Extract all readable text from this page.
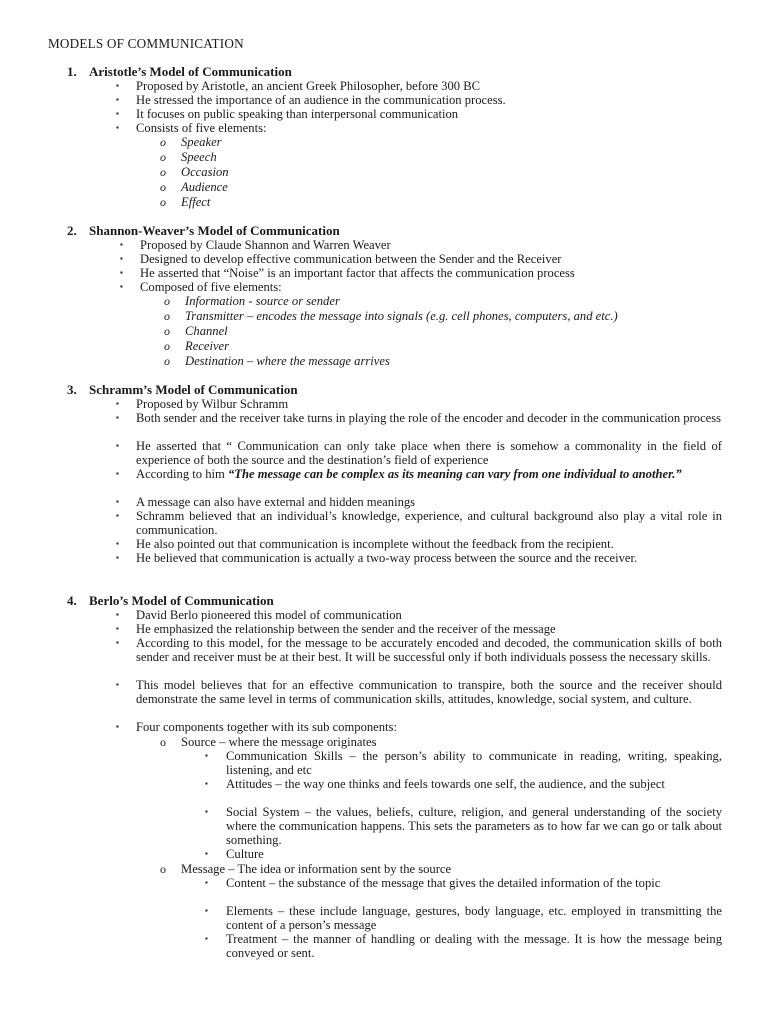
MODELS OF COMMUNICATION
1. Aristotle’s Model of Communication
▪ Proposed by Aristotle, an ancient Greek Philosopher, before 300 BC
▪ He stressed the importance of an audience in the communication process.
▪ It focuses on public speaking than interpersonal communication
▪ Consists of five elements:
o Speaker
o Speech
o Occasion
o Audience
o Effect
2. Shannon-Weaver’s Model of Communication
▪ Proposed by Claude Shannon and Warren Weaver
▪ Designed to develop effective communication between the Sender and the Receiver
▪ He asserted that “Noise” is an important factor that affects the communication process
▪ Composed of five elements:
o Information - source or sender
o Transmitter – encodes the message into signals (e.g. cell phones, computers, and etc.)
o Channel
o Receiver
o Destination – where the message arrives
3. Schramm’s Model of Communication
▪ Proposed by Wilbur Schramm
▪ Both sender and the receiver take turns in playing the role of the encoder and decoder in the communication process
▪ He asserted that “ Communication can only take place when there is somehow a commonality in the field of experience of both the source and the destination’s field of experience
▪ According to him “The message can be complex as its meaning can vary from one individual to another.”
▪ A message can also have external and hidden meanings
▪ Schramm believed that an individual’s knowledge, experience, and cultural background also play a vital role in communication.
▪ He also pointed out that communication is incomplete without the feedback from the recipient.
▪ He believed that communication is actually a two-way process between the source and the receiver.
4. Berlo’s Model of Communication
▪ David Berlo pioneered this model of communication
▪ He emphasized the relationship between the sender and the receiver of the message
▪ According to this model, for the message to be accurately encoded and decoded, the communication skills of both sender and receiver must be at their best. It will be successful only if both individuals possess the necessary skills.
▪ This model believes that for an effective communication to transpire, both the source and the receiver should demonstrate the same level in terms of communication skills, attitudes, knowledge, social system, and culture.
▪ Four components together with its sub components:
o Source – where the message originates
▪ Communication Skills – the person’s ability to communicate in reading, writing, speaking, listening, and etc
▪ Attitudes – the way one thinks and feels towards one self, the audience, and the subject
▪ Social System – the values, beliefs, culture, religion, and general understanding of the society where the communication happens. This sets the parameters as to how far we can go or talk about something.
▪ Culture
o Message – The idea or information sent by the source
▪ Content – the substance of the message that gives the detailed information of the topic
▪ Elements – these include language, gestures, body language, etc. employed in transmitting the content of a person’s message
▪ Treatment – the manner of handling or dealing with the message. It is how the message being conveyed or sent.
